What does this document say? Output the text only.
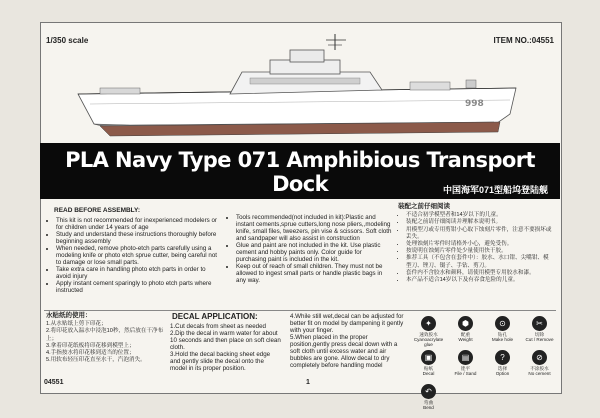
1/350 scale	ITEM NO.:04551
998
PLA Navy Type 071 Amphibious Transport Dock	中国海军071型船坞登陆舰
READ BEFORE ASSEMBLY:
• This kit is not recommended for inexperienced modelers or for children under 14 years of age
• Study and understand these instructions thoroughly before beginning assembly
• When needed, remove photo-etch parts carefully using a modeling knife or photo etch sprue cutter, being careful not to damage or lose small parts.
• Take extra care in handling photo etch parts in order to avoid injury
• Apply instant cement sparingly to photo etch parts where instructed
• Tools recommended(not included in kit):Plastic and instant cements,sprue cutters,long nose pliers,,modeling knife, small files, tweezers, pin vise & scissors. Soft cloth and sandpaper will also assist in construction
• Glue and paint are not included in the kit. Use plastic cement and hobby paints only. Color guide for purchasing paint is included in the kit.
• Keep out of reach of small children. They must not be allowed to ingest small parts or handle plastic bags in any way.
装配之前仔细阅读
• 不适合初学模型者和14岁以下的儿童。
• 装配之前请仔细阅读并理解本说明书。
• 用模型刀或专用剪钳小心取下蚀刻片零件，注意不要损坏或丢失。
• 处理蚀刻片零件时请格外小心，避免受伤。
• 按说明在蚀刻片零件处少量使用快干胶。
• 推荐工具（不包含在套件中）：胶水、水口钳、尖嘴钳、模型刀、锉刀、镊子、手钻、剪刀。
• 套件内不含胶水和颜料，请使用模型专用胶水和漆。
• 本产品不适合14岁以下及有吞食危险的儿童。
水贴纸的使用：
1.从水贴纸上剪下印花；
2.将印花放入温水中浸泡10秒，然后放在干净布上；
3.拿着印花纸板将印花移到模型上；
4.手指按水将印花移到适当的位置；
5.用软布轻压印花直至水干，汽泡消失。
DECAL APPLICATION:
1.Cut decals from sheet as needed
2.Dip the decal in warm water for about 10 seconds and then place on soft clean cloth.
3.Hold the decal backing sheet edge and gently slide the decal onto the model in its proper position.
4.While still wet,decal can be adjusted for better fit on model by dampening it gently with your finger.
5.When placed in the proper position,gently press decal down with a soft cloth until excess water and air bubbles are gone. Allow decal to dry completely before handling model
✦
速效胶水
Cyanoacrylate glue
⬢
配重
Weight
⊙
钻孔
Make hole
✂
切除
Cut / Remove
▣
贴纸
Decal
▤
锉平
File / Sand
?
选择
Option
⊘
不涂胶水
No cement
↶
弯曲
Bend
04551	1
